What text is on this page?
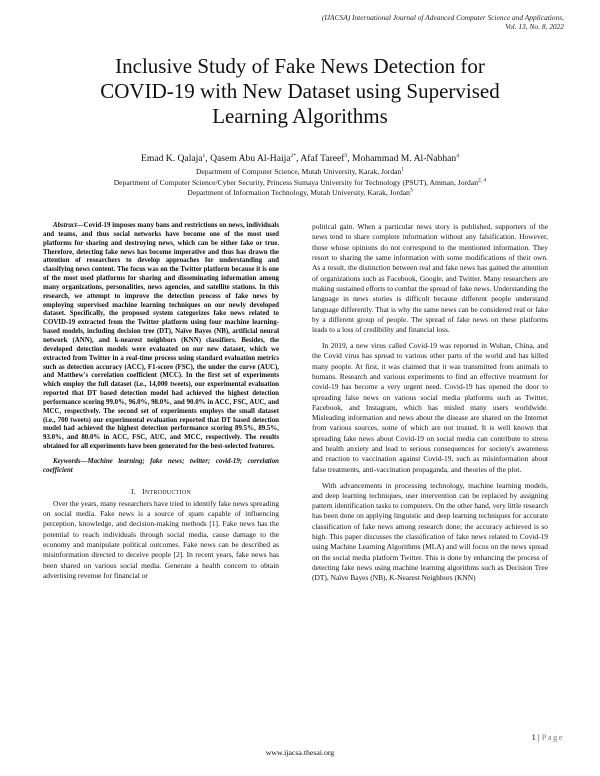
(IJACSA) International Journal of Advanced Computer Science and Applications,
Vol. 13, No. 8, 2022
Inclusive Study of Fake News Detection for
COVID-19 with New Dataset using Supervised
Learning Algorithms
Emad K. Qalaja$^1$, Qasem Abu Al-Haija$^{2*}$, Afaf Tareef$^3$, Mohammad M. Al-Nabhan$^4$
Department of Computer Science, Mutah University, Karak, Jordan$^1$
Department of Computer Science/Cyber Security, Princess Sumaya University for Technology (PSUT), Amman, Jordan$^{2, 4}$
Department of Information Technology, Mutah University, Karak, Jordan$^3$

Abstract—Covid-19 imposes many bans and restrictions on news, individuals and teams, and thus social networks have become one of the most used platforms for sharing and destroying news, which can be either fake or true. Therefore, detecting fake news has become imperative and thus has drawn the attention of researchers to develop approaches for understanding and classifying news content. The focus was on the Twitter platform because it is one of the most used platforms for sharing and disseminating information among many organizations, personalities, news agencies, and satellite stations. In this research, we attempt to improve the detection process of fake news by employing supervised machine learning techniques on our newly developed dataset. Specifically, the proposed system categorizes fake news related to COVID-19 extracted from the Twitter platform using four machine learning-based models, including decision tree (DT), Naïve Bayes (NB), artificial neural network (ANN), and k-nearest neighbors (KNN) classifiers. Besides, the developed detection models were evaluated on our new dataset, which we extracted from Twitter in a real-time process using standard evaluation metrics such as detection accuracy (ACC), F1-score (FSC), the under the curve (AUC), and Matthew's correlation coefficient (MCC). In the first set of experiments which employ the full dataset (i.e., 14,000 tweets), our experimental evaluation reported that DT based detection model had achieved the highest detection performance scoring 99.0%, 96.0%, 98.0%, and 90.0% in ACC, FSC, AUC, and MCC, respectively. The second set of experiments employs the small dataset (i.e., 700 tweets) our experimental evaluation reported that DT based detection model had achieved the highest detection performance scoring 89.5%, 89.5%, 93.0%, and 80.0% in ACC, FSC, AUC, and MCC, respectively. The results obtained for all experiments have been generated for the best-selected features.

Keywords—Machine learning; fake news; twitter; covid-19; correlation coefficient

I. INTRODUCTION

Over the years, many researchers have tried to identify fake news spreading on social media. Fake news is a source of spam capable of influencing perception, knowledge, and decision-making methods [1]. Fake news has the potential to reach individuals through social media, cause damage to the economy and manipulate political outcomes. Fake news can be described as misinformation directed to deceive people [2]. In recent years, fake news has been shared on various social media. Generate a health concern to obtain advertising revenue for financial or

political gain. When a particular news story is published, supporters of the news tend to share complete information without any falsification. However, those whose opinions do not correspond to the mentioned information. They resort to sharing the same information with some modifications of their own. As a result, the distinction between real and fake news has gained the attention of organizations such as Facebook, Google, and Twitter. Many researchers are making sustained efforts to combat the spread of fake news. Understanding the language in news stories is difficult because different people understand language differently. That is why the same news can be considered real or fake by a different group of people. The spread of fake news on these platforms leads to a loss of credibility and financial loss.

In 2019, a new virus called Covid-19 was reported in Wuhan, China, and the Covid virus has spread to various other parts of the world and has killed many people. At first, it was claimed that it was transmitted from animals to humans. Research and various experiments to find an effective treatment for covid-19 has become a very urgent need. Covid-19 has opened the door to spreading false news on various social media platforms such as Twitter, Facebook, and Instagram, which has misled many users worldwide. Misleading information and news about the disease are shared on the Internet from various sources, some of which are not trusted. It is well known that spreading fake news about Covid-19 on social media can contribute to stress and health anxiety and lead to serious consequences for society's awareness and reaction to vaccination against Covid-19, such as misinformation about false treatments, anti-vaccination propaganda, and theories of the plot.

With advancements in processing technology, machine learning models, and deep learning techniques, user intervention can be replaced by assigning pattern identification tasks to computers. On the other hand, very little research has been done on applying linguistic and deep learning techniques for accurate classification of fake news among research done; the accuracy achieved is so high. This paper discusses the classification of fake news related to Covid-19 using Machine Learning Algorithms (MLA) and will focus on the news spread on the social media platform Twitter. This is done by enhancing the process of detecting fake news using machine learning algorithms such as Decision Tree (DT), Naïve Bayes (NB), K-Nearest Neighbors (KNN)

1 | Page
www.ijacsa.thesai.org
